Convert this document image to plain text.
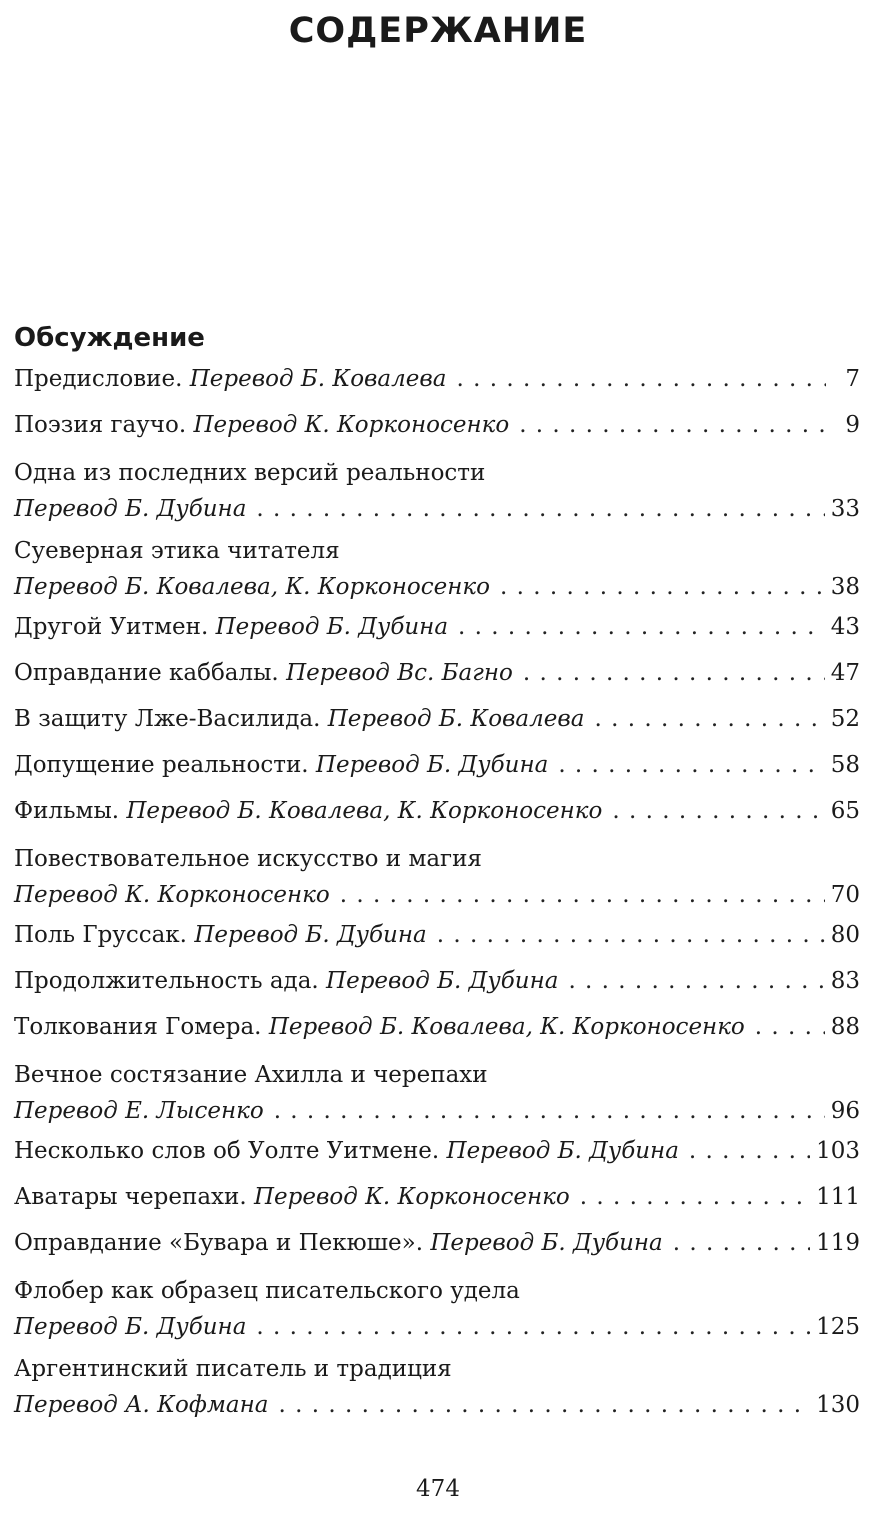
СОДЕРЖАНИЕ
Обсуждение
Предисловие. Перевод Б. Ковалева . . .	7
Поэзия гаучо. Перевод К. Корконосенко . . .	9
Одна из последних версий реальности
Перевод Б. Дубина . . .	33
Суеверная этика читателя
Перевод Б. Ковалева, К. Корконосенко . . .	38
Другой Уитмен. Перевод Б. Дубина . . .	43
Оправдание каббалы. Перевод Вс. Багно . . .	47
В защиту Лже-Василида. Перевод Б. Ковалева . . .	52
Допущение реальности. Перевод Б. Дубина . . .	58
Фильмы. Перевод Б. Ковалева, К. Корконосенко . . .	65
Повествовательное искусство и магия
Перевод К. Корконосенко . . .	70
Поль Груссак. Перевод Б. Дубина . . .	80
Продолжительность ада. Перевод Б. Дубина . . .	83
Толкования Гомера. Перевод Б. Ковалева, К. Корконосенко . . .	88
Вечное состязание Ахилла и черепахи
Перевод Е. Лысенко . . .	96
Несколько слов об Уолте Уитмене. Перевод Б. Дубина . . .	103
Аватары черепахи. Перевод К. Корконосенко . . .	111
Оправдание «Бувара и Пекюше». Перевод Б. Дубина . . .	119
Флобер как образец писательского удела
Перевод Б. Дубина . . .	125
Аргентинский писатель и традиция
Перевод А. Кофмана . . .	130
474
